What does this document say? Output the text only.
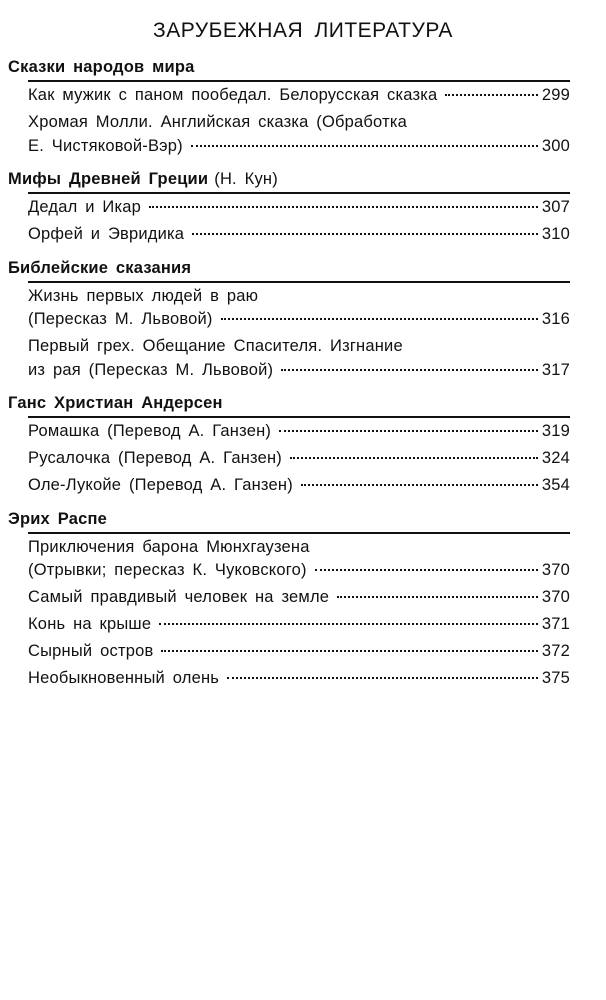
ЗАРУБЕЖНАЯ ЛИТЕРАТУРА
Сказки народов мира
Как мужик с паном пообедал. Белорусская сказка	299
Хромая Молли. Английская сказка (Обработка
Е. Чистяковой-Вэр)	300
Мифы Древней Греции (Н. Кун)
Дедал и Икар	307
Орфей и Эвридика	310
Библейские сказания
Жизнь первых людей в раю
(Пересказ М. Львовой)	316
Первый грех. Обещание Спасителя. Изгнание
из рая (Пересказ М. Львовой)	317
Ганс Христиан Андерсен
Ромашка (Перевод А. Ганзен)	319
Русалочка (Перевод А. Ганзен)	324
Оле-Лукойе (Перевод А. Ганзен)	354
Эрих Распе
Приключения барона Мюнхгаузена
(Отрывки; пересказ К. Чуковского)	370
Самый правдивый человек на земле	370
Конь на крыше	371
Сырный остров	372
Необыкновенный олень	375
